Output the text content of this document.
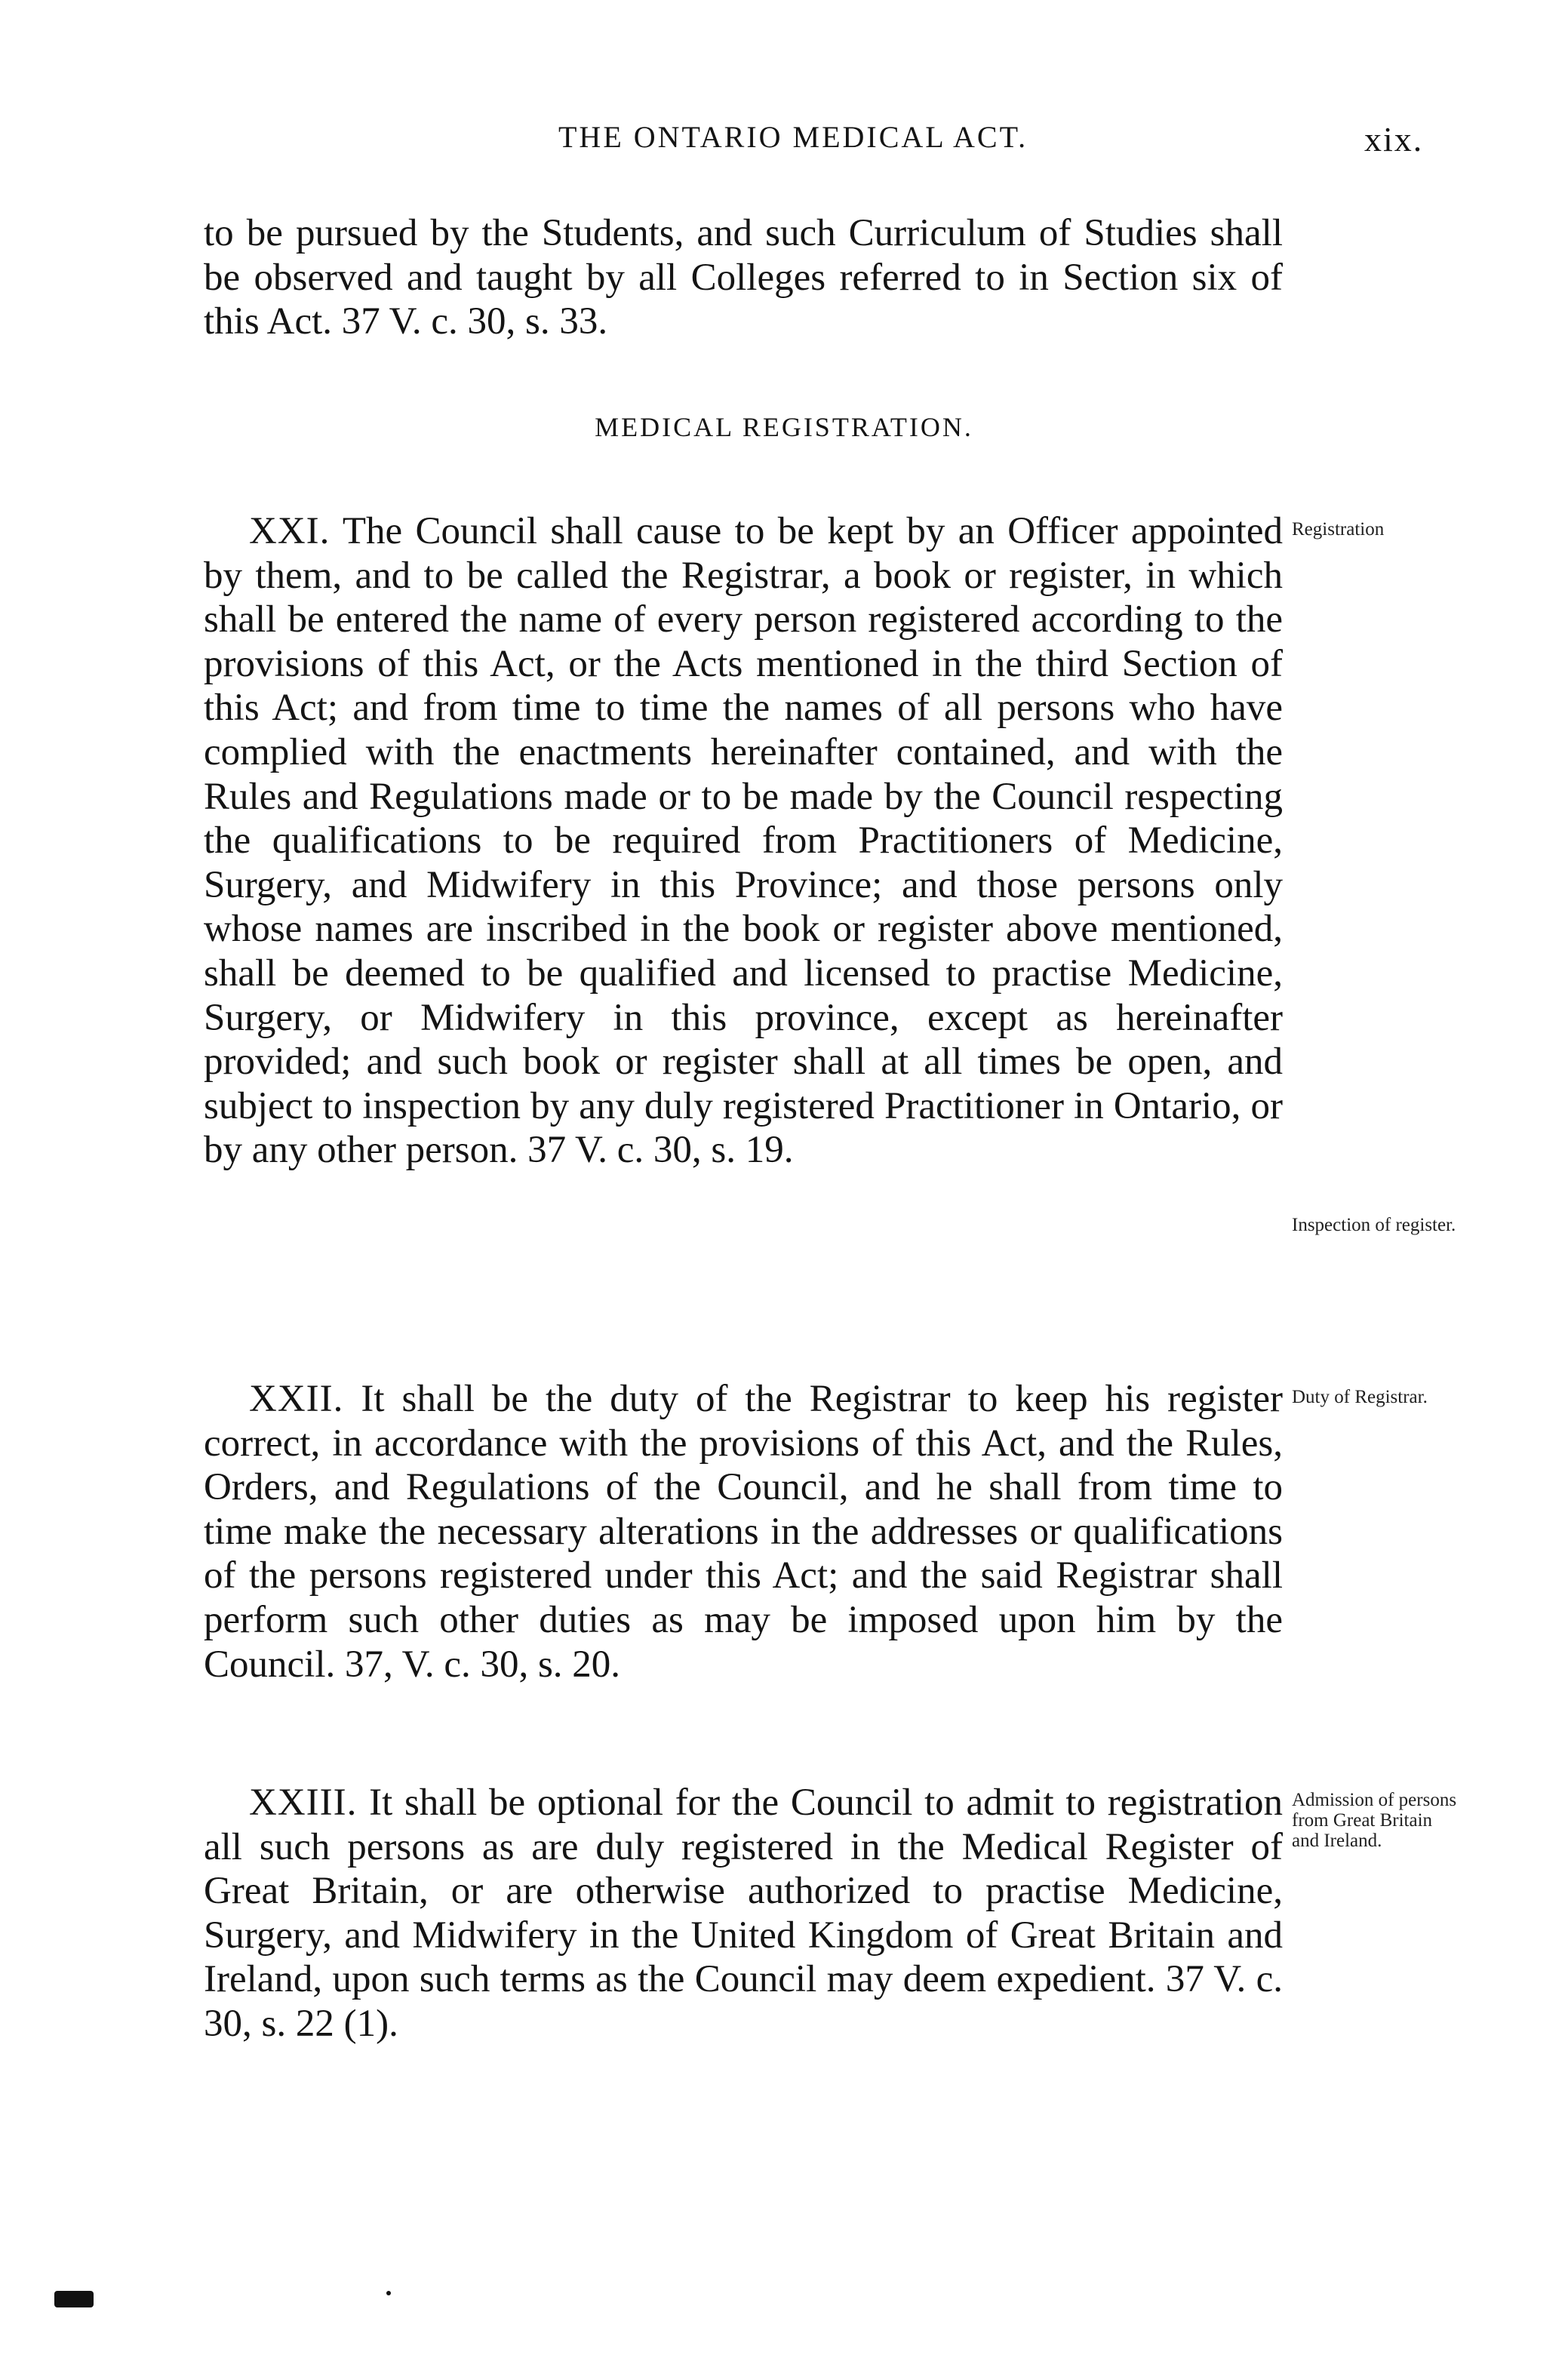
THE ONTARIO MEDICAL ACT.	xix.
to be pursued by the Students, and such Curriculum of Studies shall be observed and taught by all Colleges referred to in Section six of this Act. 37 V. c. 30, s. 33.
MEDICAL REGISTRATION.
XXI. The Council shall cause to be kept by an Officer appointed by them, and to be called the Registrar, a book or register, in which shall be entered the name of every person registered according to the provisions of this Act, or the Acts mentioned in the third Section of this Act; and from time to time the names of all persons who have complied with the enactments hereinafter contained, and with the Rules and Regulations made or to be made by the Council respecting the qualifications to be required from Practitioners of Medicine, Surgery, and Midwifery in this Province; and those persons only whose names are inscribed in the book or register above mentioned, shall be deemed to be qualified and licensed to practise Medicine, Surgery, or Midwifery in this province, except as hereinafter provided; and such book or register shall at all times be open, and subject to inspection by any duly registered Practitioner in Ontario, or by any other person. 37 V. c. 30, s. 19.
Registration
Inspection of register.
XXII. It shall be the duty of the Registrar to keep his register correct, in accordance with the provisions of this Act, and the Rules, Orders, and Regulations of the Council, and he shall from time to time make the necessary alterations in the addresses or qualifications of the persons registered under this Act; and the said Registrar shall perform such other duties as may be imposed upon him by the Council. 37, V. c. 30, s. 20.
Duty of Registrar.
XXIII. It shall be optional for the Council to admit to registration all such persons as are duly registered in the Medical Register of Great Britain, or are otherwise authorized to practise Medicine, Surgery, and Midwifery in the United Kingdom of Great Britain and Ireland, upon such terms as the Council may deem expedient. 37 V. c. 30, s. 22 (1).
Admission of persons from Great Britain and Ireland.
